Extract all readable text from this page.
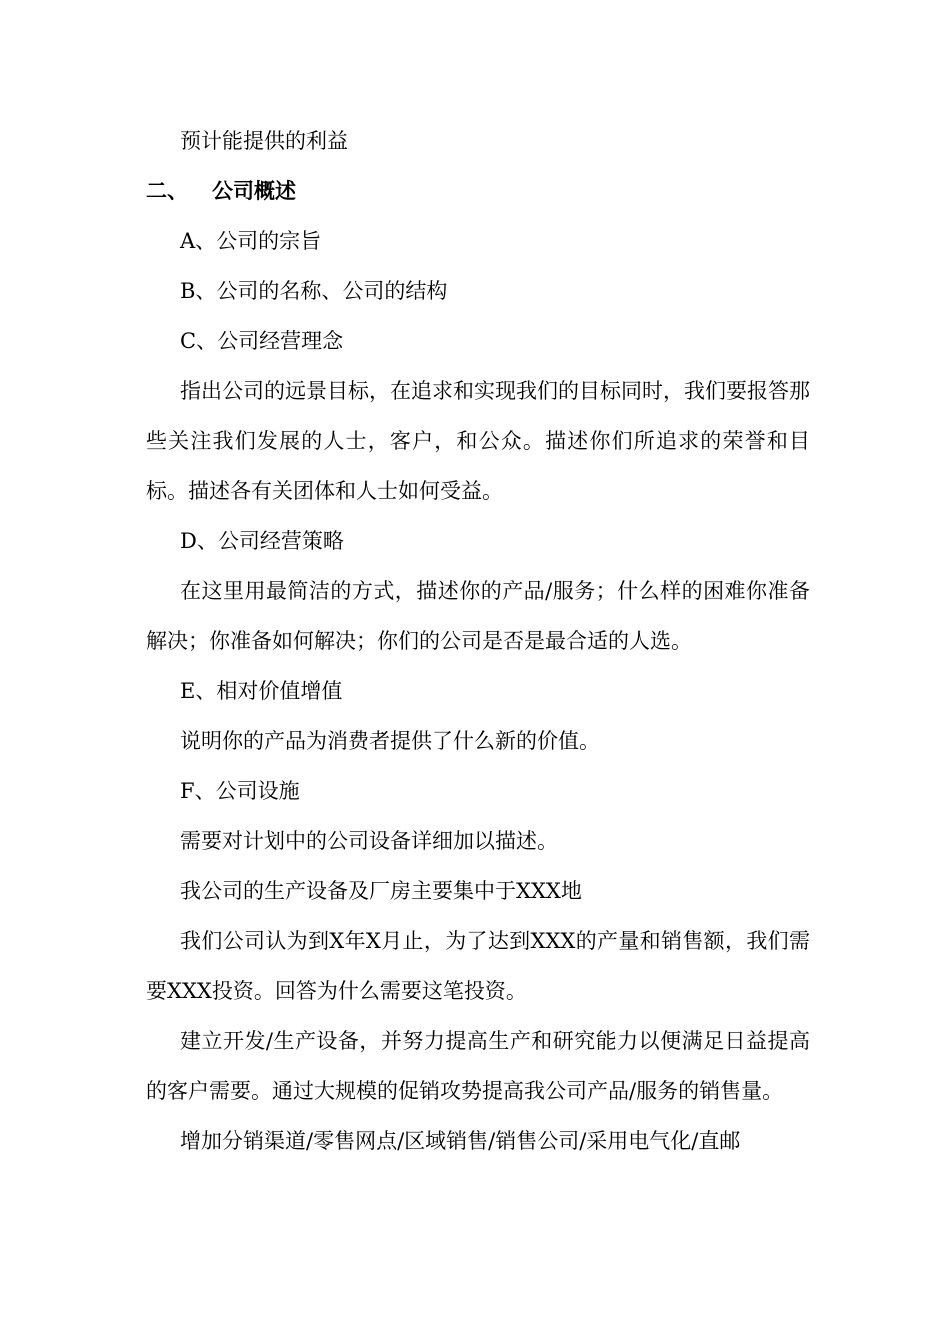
预计能提供的利益

二、 公司概述

A、公司的宗旨

B、公司的名称、公司的结构

C、公司经营理念

指出公司的远景目标，在追求和实现我们的目标同时，我们要报答那些关注我们发展的人士，客户，和公众。描述你们所追求的荣誉和目标。描述各有关团体和人士如何受益。

D、公司经营策略

在这里用最简洁的方式，描述你的产品/服务；什么样的困难你准备解决；你准备如何解决；你们的公司是否是最合适的人选。

E、相对价值增值

说明你的产品为消费者提供了什么新的价值。

F、公司设施

需要对计划中的公司设备详细加以描述。

我公司的生产设备及厂房主要集中于XXX地

我们公司认为到X年X月止，为了达到XXX的产量和销售额，我们需要XXX投资。回答为什么需要这笔投资。

建立开发/生产设备，并努力提高生产和研究能力以便满足日益提高的客户需要。通过大规模的促销攻势提高我公司产品/服务的销售量。

增加分销渠道/零售网点/区域销售/销售公司/采用电气化/直邮
